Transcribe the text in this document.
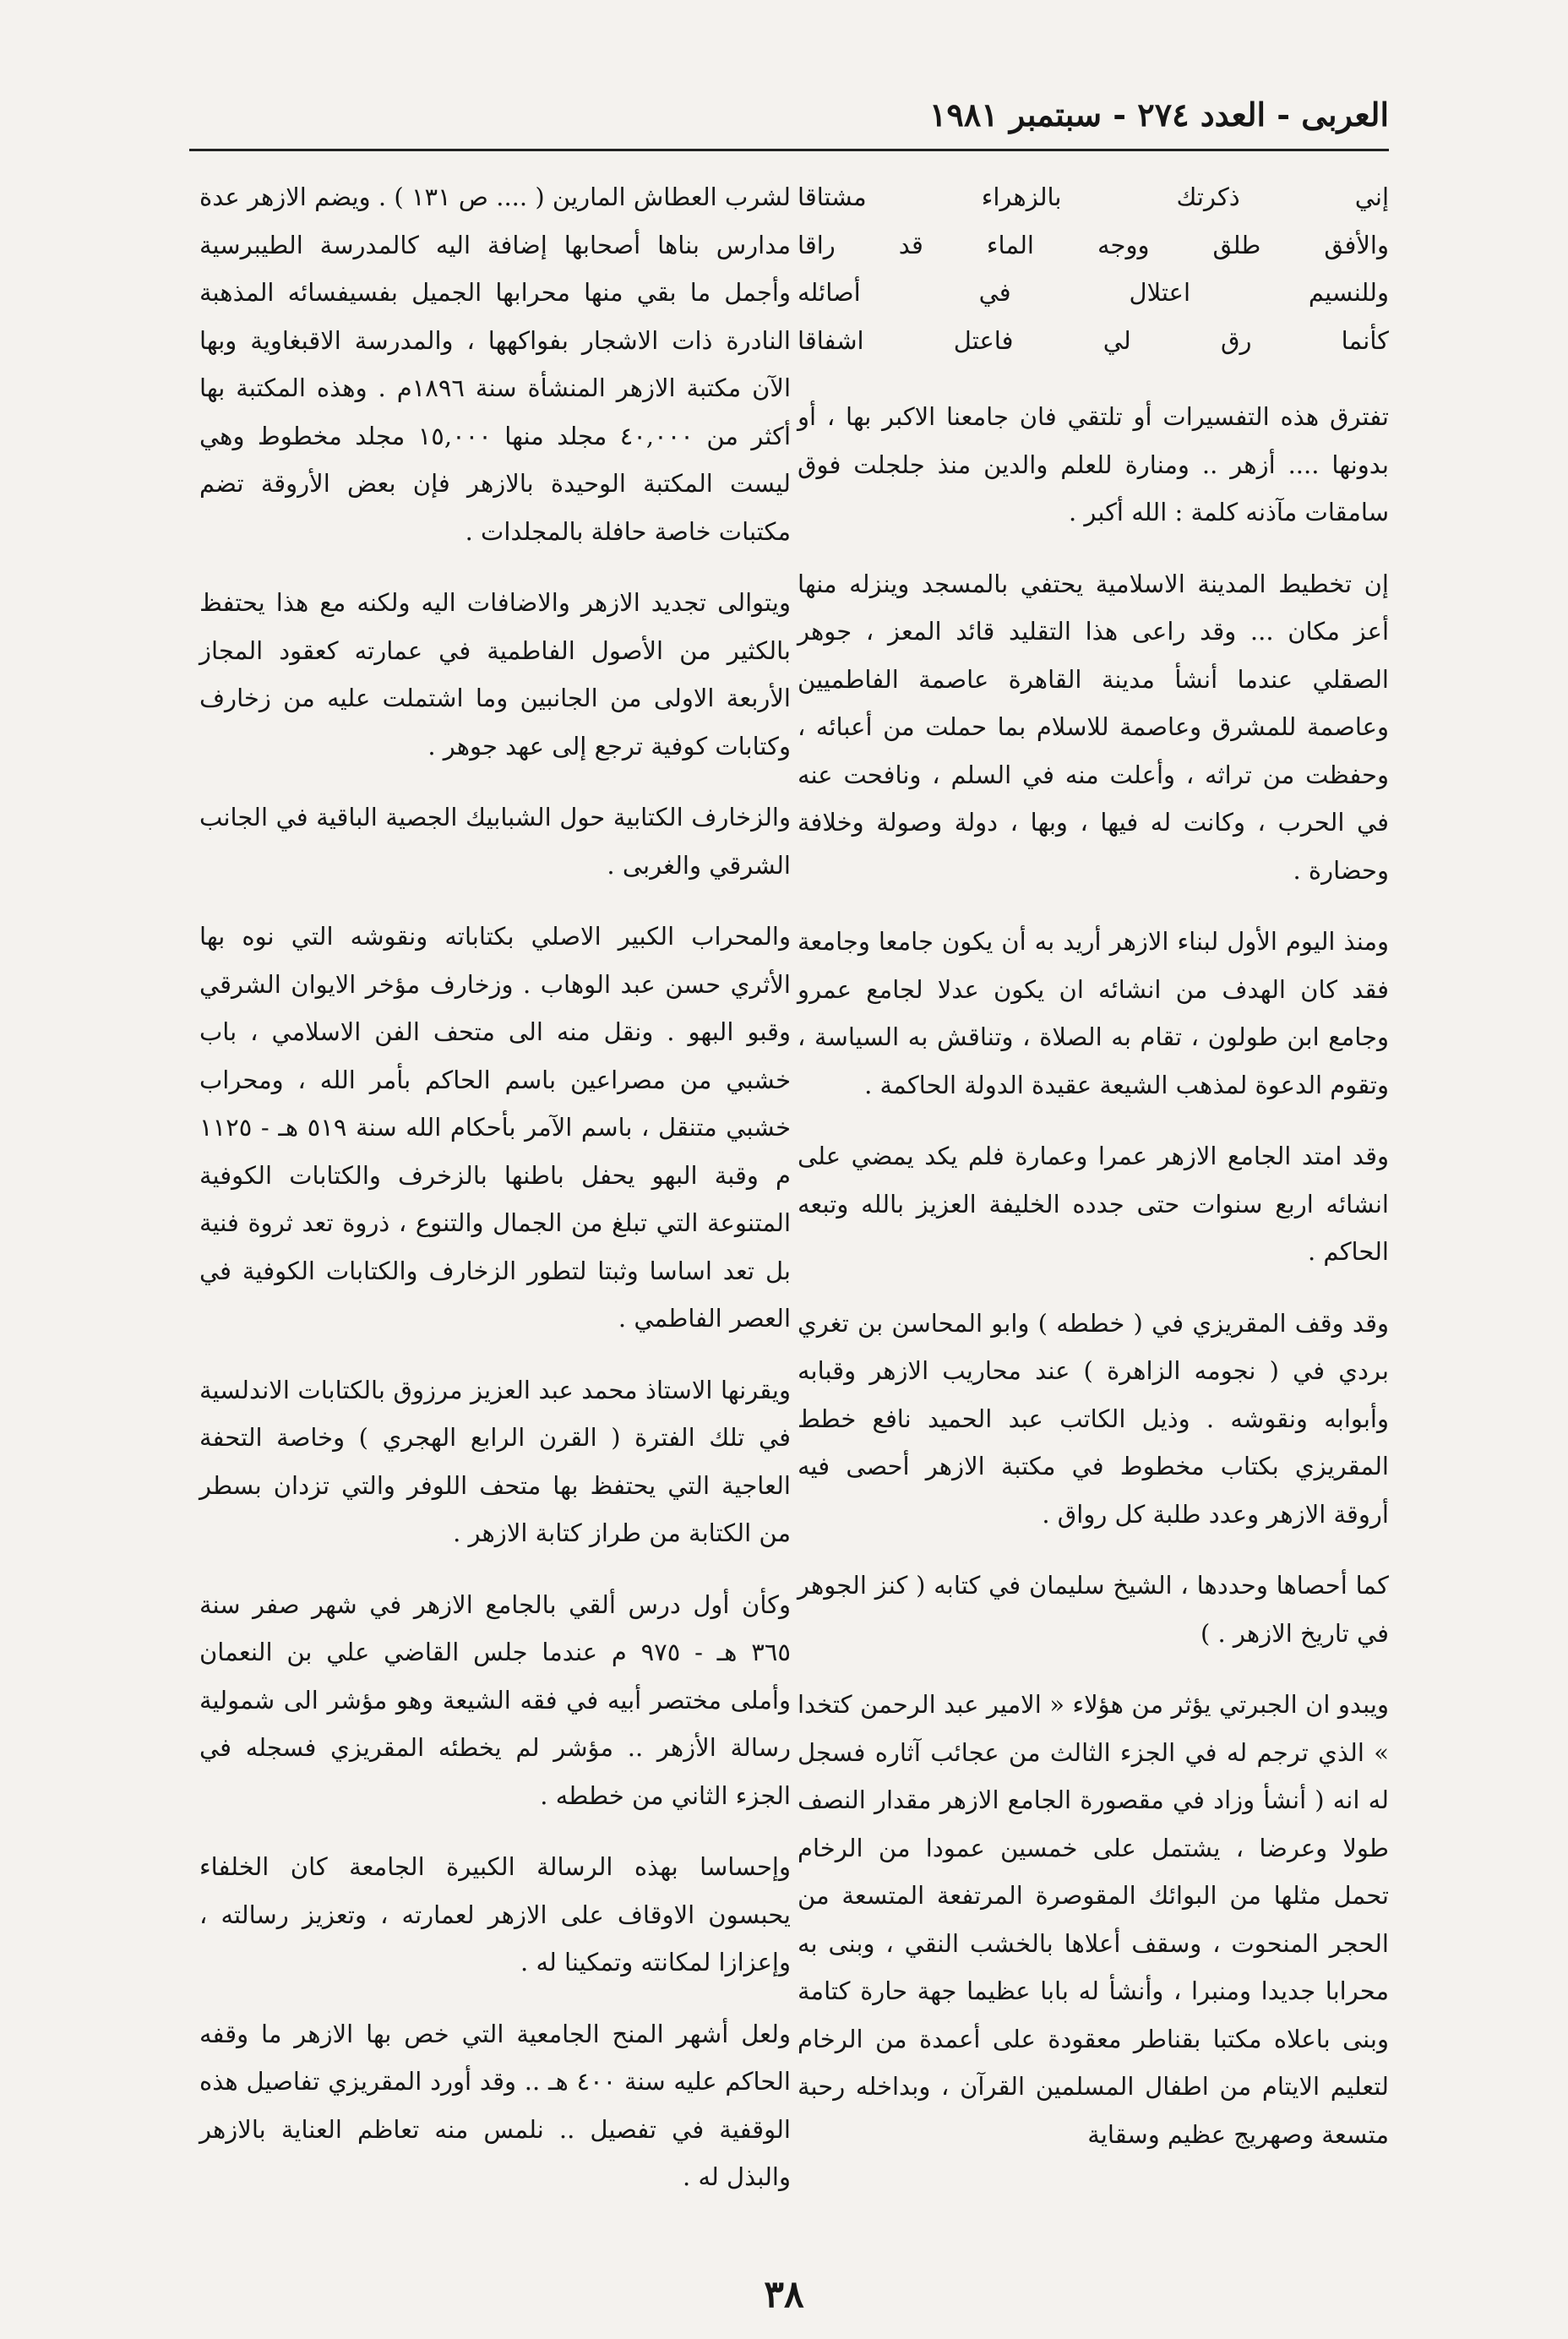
العربى - العدد ٢٧٤ - سبتمبر ١٩٨١
إني ذكرتك بالزهراء مشتاقا
والأفق طلق ووجه الماء قد راقا
وللنسيم اعتلال في أصائله
كأنما رق لي فاعتل اشفاقا

تفترق هذه التفسيرات أو تلتقي فان جامعنا الاكبر بها ، أو بدونها .... أزهر .. ومنارة للعلم والدين منذ جلجلت فوق سامقات مآذنه كلمة : الله أكبر .

إن تخطيط المدينة الاسلامية يحتفي بالمسجد وينزله منها أعز مكان ... وقد راعى هذا التقليد قائد المعز ، جوهر الصقلي عندما أنشأ مدينة القاهرة عاصمة الفاطميين وعاصمة للمشرق وعاصمة للاسلام بما حملت من أعبائه ، وحفظت من تراثه ، وأعلت منه في السلم ، ونافحت عنه في الحرب ، وكانت له فيها ، وبها ، دولة وصولة وخلافة وحضارة .

ومنذ اليوم الأول لبناء الازهر أريد به أن يكون جامعا وجامعة فقد كان الهدف من انشائه ان يكون عدلا لجامع عمرو وجامع ابن طولون ، تقام به الصلاة ، وتناقش به السياسة ، وتقوم الدعوة لمذهب الشيعة عقيدة الدولة الحاكمة .

وقد امتد الجامع الازهر عمرا وعمارة فلم يكد يمضي على انشائه اربع سنوات حتى جدده الخليفة العزيز بالله وتبعه الحاكم .

وقد وقف المقريزي في ( خططه ) وابو المحاسن بن تغري بردي في ( نجومه الزاهرة ) عند محاريب الازهر وقبابه وأبوابه ونقوشه . وذيل الكاتب عبد الحميد نافع خطط المقريزي بكتاب مخطوط في مكتبة الازهر أحصى فيه أروقة الازهر وعدد طلبة كل رواق .

كما أحصاها وحددها ، الشيخ سليمان في كتابه ( كنز الجوهر في تاريخ الازهر . )

ويبدو ان الجبرتي يؤثر من هؤلاء « الامير عبد الرحمن كتخدا » الذي ترجم له في الجزء الثالث من عجائب آثاره فسجل له انه ( أنشأ وزاد في مقصورة الجامع الازهر مقدار النصف طولا وعرضا ، يشتمل على خمسين عمودا من الرخام تحمل مثلها من البوائك المقوصرة المرتفعة المتسعة من الحجر المنحوت ، وسقف أعلاها بالخشب النقي ، وبنى به محرابا جديدا ومنبرا ، وأنشأ له بابا عظيما جهة حارة كتامة وبنى باعلاه مكتبا بقناطر معقودة على أعمدة من الرخام لتعليم الايتام من اطفال المسلمين القرآن ، وبداخله رحبة متسعة وصهريج عظيم وسقاية

لشرب العطاش المارين ( .... ص ١٣١ ) . ويضم الازهر عدة مدارس بناها أصحابها إضافة اليه كالمدرسة الطيبرسية وأجمل ما بقي منها محرابها الجميل بفسيفسائه المذهبة النادرة ذات الاشجار بفواكهها ، والمدرسة الاقبغاوية وبها الآن مكتبة الازهر المنشأة سنة ١٨٩٦م . وهذه المكتبة بها أكثر من ٤٠,٠٠٠ مجلد منها ١٥,٠٠٠ مجلد مخطوط وهي ليست المكتبة الوحيدة بالازهر فإن بعض الأروقة تضم مكتبات خاصة حافلة بالمجلدات .

ويتوالى تجديد الازهر والاضافات اليه ولكنه مع هذا يحتفظ بالكثير من الأصول الفاطمية في عمارته كعقود المجاز الأربعة الاولى من الجانبين وما اشتملت عليه من زخارف وكتابات كوفية ترجع إلى عهد جوهر .

والزخارف الكتابية حول الشبابيك الجصية الباقية في الجانب الشرقي والغربى .

والمحراب الكبير الاصلي بكتاباته ونقوشه التي نوه بها الأثري حسن عبد الوهاب . وزخارف مؤخر الايوان الشرقي وقبو البهو . ونقل منه الى متحف الفن الاسلامي ، باب خشبي من مصراعين باسم الحاكم بأمر الله ، ومحراب خشبي متنقل ، باسم الآمر بأحكام الله سنة ٥١٩ هـ - ١١٢٥ م وقبة البهو يحفل باطنها بالزخرف والكتابات الكوفية المتنوعة التي تبلغ من الجمال والتنوع ، ذروة تعد ثروة فنية بل تعد اساسا وثبتا لتطور الزخارف والكتابات الكوفية في العصر الفاطمي .

ويقرنها الاستاذ محمد عبد العزيز مرزوق بالكتابات الاندلسية في تلك الفترة ( القرن الرابع الهجري ) وخاصة التحفة العاجية التي يحتفظ بها متحف اللوفر والتي تزدان بسطر من الكتابة من طراز كتابة الازهر .

وكأن أول درس ألقي بالجامع الازهر في شهر صفر سنة ٣٦٥ هـ - ٩٧٥ م عندما جلس القاضي علي بن النعمان وأملى مختصر أبيه في فقه الشيعة وهو مؤشر الى شمولية رسالة الأزهر .. مؤشر لم يخطئه المقريزي فسجله في الجزء الثاني من خططه .

وإحساسا بهذه الرسالة الكبيرة الجامعة كان الخلفاء يحبسون الاوقاف على الازهر لعمارته ، وتعزيز رسالته ، وإعزازا لمكانته وتمكينا له .

ولعل أشهر المنح الجامعية التي خص بها الازهر ما وقفه الحاكم عليه سنة ٤٠٠ هـ .. وقد أورد المقريزي تفاصيل هذه الوقفية في تفصيل .. نلمس منه تعاظم العناية بالازهر والبذل له .

٣٨
